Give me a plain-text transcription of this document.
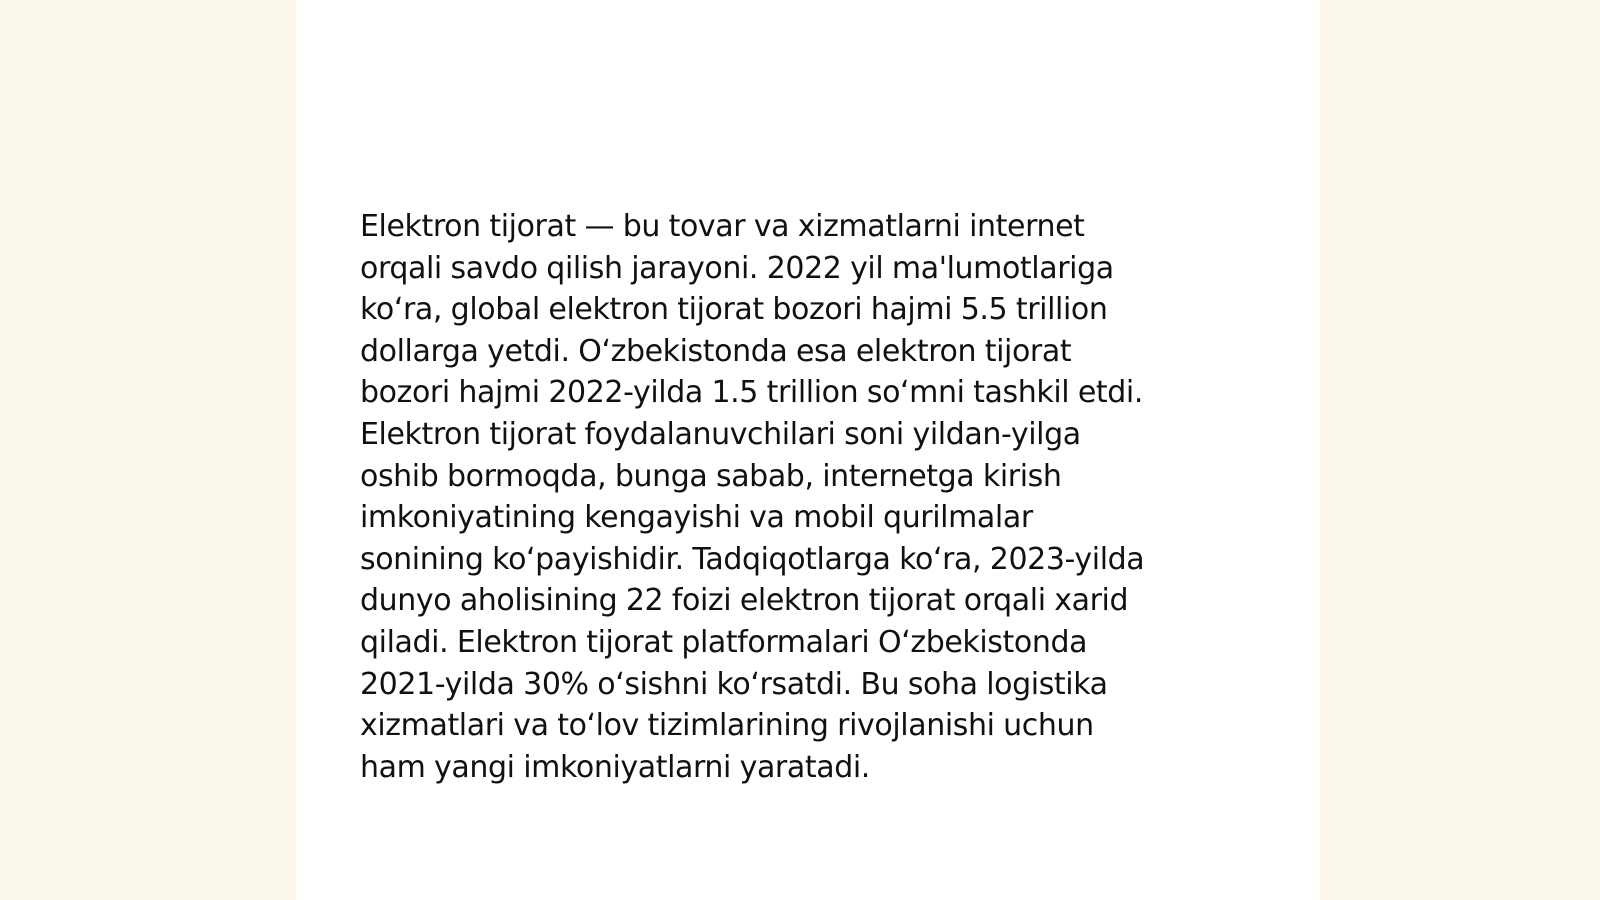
Elektron tijorat — bu tovar va xizmatlarni internet
orqali savdo qilish jarayoni. 2022 yil ma'lumotlariga
ko‘ra, global elektron tijorat bozori hajmi 5.5 trillion
dollarga yetdi. O‘zbekistonda esa elektron tijorat
bozori hajmi 2022-yilda 1.5 trillion so‘mni tashkil etdi.
Elektron tijorat foydalanuvchilari soni yildan-yilga
oshib bormoqda, bunga sabab, internetga kirish
imkoniyatining kengayishi va mobil qurilmalar
sonining ko‘payishidir. Tadqiqotlarga ko‘ra, 2023-yilda
dunyo aholisining 22 foizi elektron tijorat orqali xarid
qiladi. Elektron tijorat platformalari O‘zbekistonda
2021-yilda 30% o‘sishni ko‘rsatdi. Bu soha logistika
xizmatlari va to‘lov tizimlarining rivojlanishi uchun
ham yangi imkoniyatlarni yaratadi.
